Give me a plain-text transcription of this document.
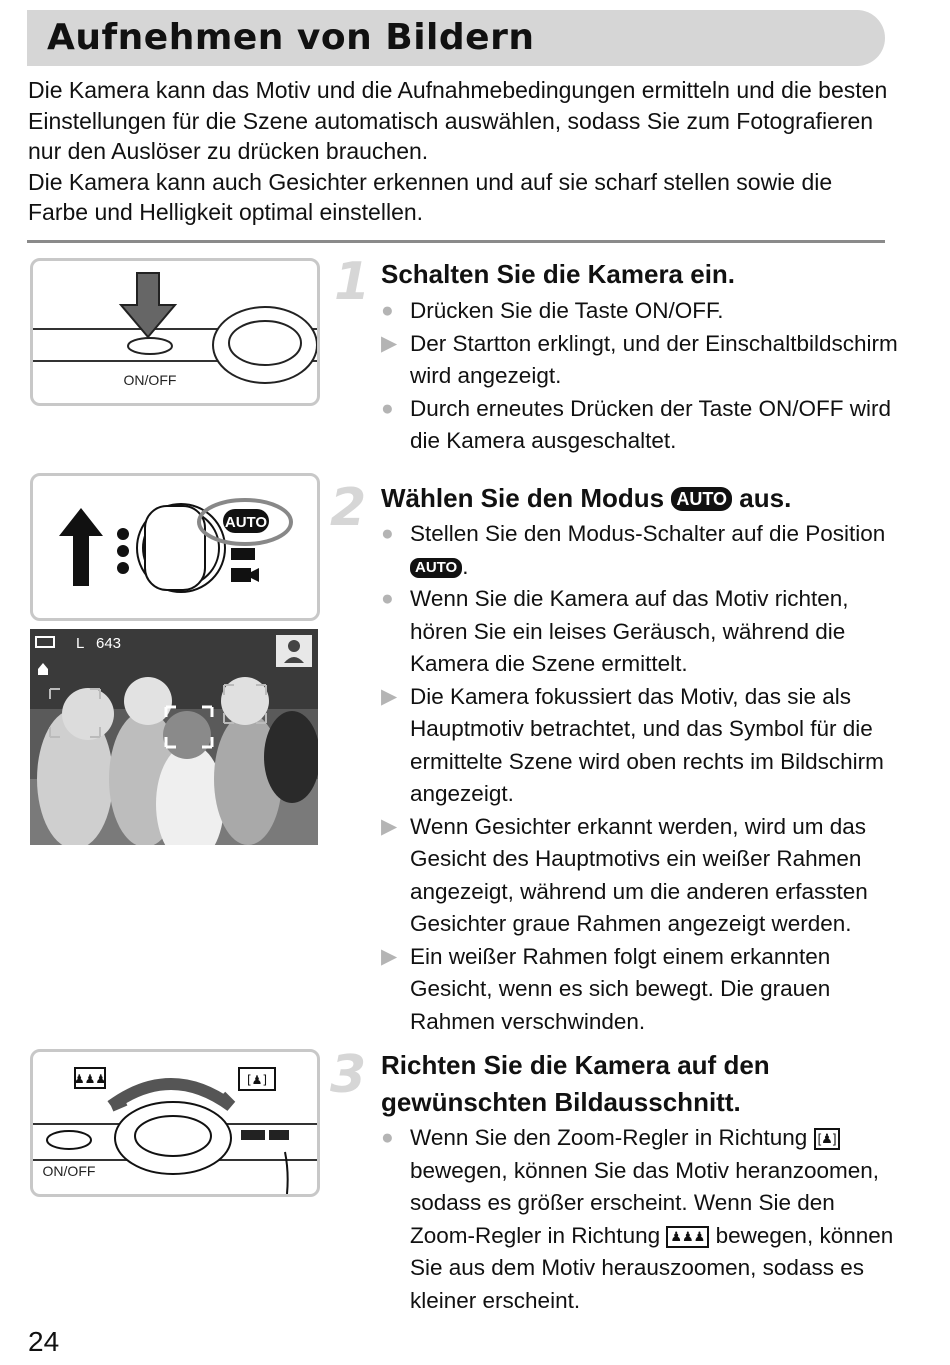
Aufnehmen von Bildern

Die Kamera kann das Motiv und die Aufnahmebedingungen ermitteln und die besten Einstellungen für die Szene automatisch auswählen, sodass Sie zum Fotografieren nur den Auslöser zu drücken brauchen.

Die Kamera kann auch Gesichter erkennen und auf sie scharf stellen sowie die Farbe und Helligkeit optimal einstellen.

ON/OFF
1 Schalten Sie die Kamera ein.
● Drücken Sie die Taste ON/OFF.
▶ Der Startton erklingt, und der Einschaltbildschirm wird angezeigt.
● Durch erneutes Drücken der Taste ON/OFF wird die Kamera ausgeschaltet.
AUTO 2
L 643
Wählen Sie den Modus AUTO aus.
● Stellen Sie den Modus-Schalter auf die Position AUTO .
● Wenn Sie die Kamera auf das Motiv richten, hören Sie ein leises Geräusch, während die Kamera die Szene ermittelt.
▶ Die Kamera fokussiert das Motiv, das sie als Hauptmotiv betrachtet, und das Symbol für die ermittelte Szene wird oben rechts im Bildschirm angezeigt.
▶ Wenn Gesichter erkannt werden, wird um das Gesicht des Hauptmotivs ein weißer Rahmen angezeigt, während um die anderen erfassten Gesichter graue Rahmen angezeigt werden.
▶ Ein weißer Rahmen folgt einem erkannten Gesicht, wenn es sich bewegt. Die grauen Rahmen verschwinden.
♟♟♟	[♟]
ON/OFF
3 Richten Sie die Kamera auf den gewünschten Bildausschnitt.
● Wenn Sie den Zoom-Regler in Richtung [♟] bewegen, können Sie das Motiv heranzoomen, sodass es größer erscheint. Wenn Sie den Zoom-Regler in Richtung ♟♟♟ bewegen, können Sie aus dem Motiv herauszoomen, sodass es kleiner erscheint.
24
